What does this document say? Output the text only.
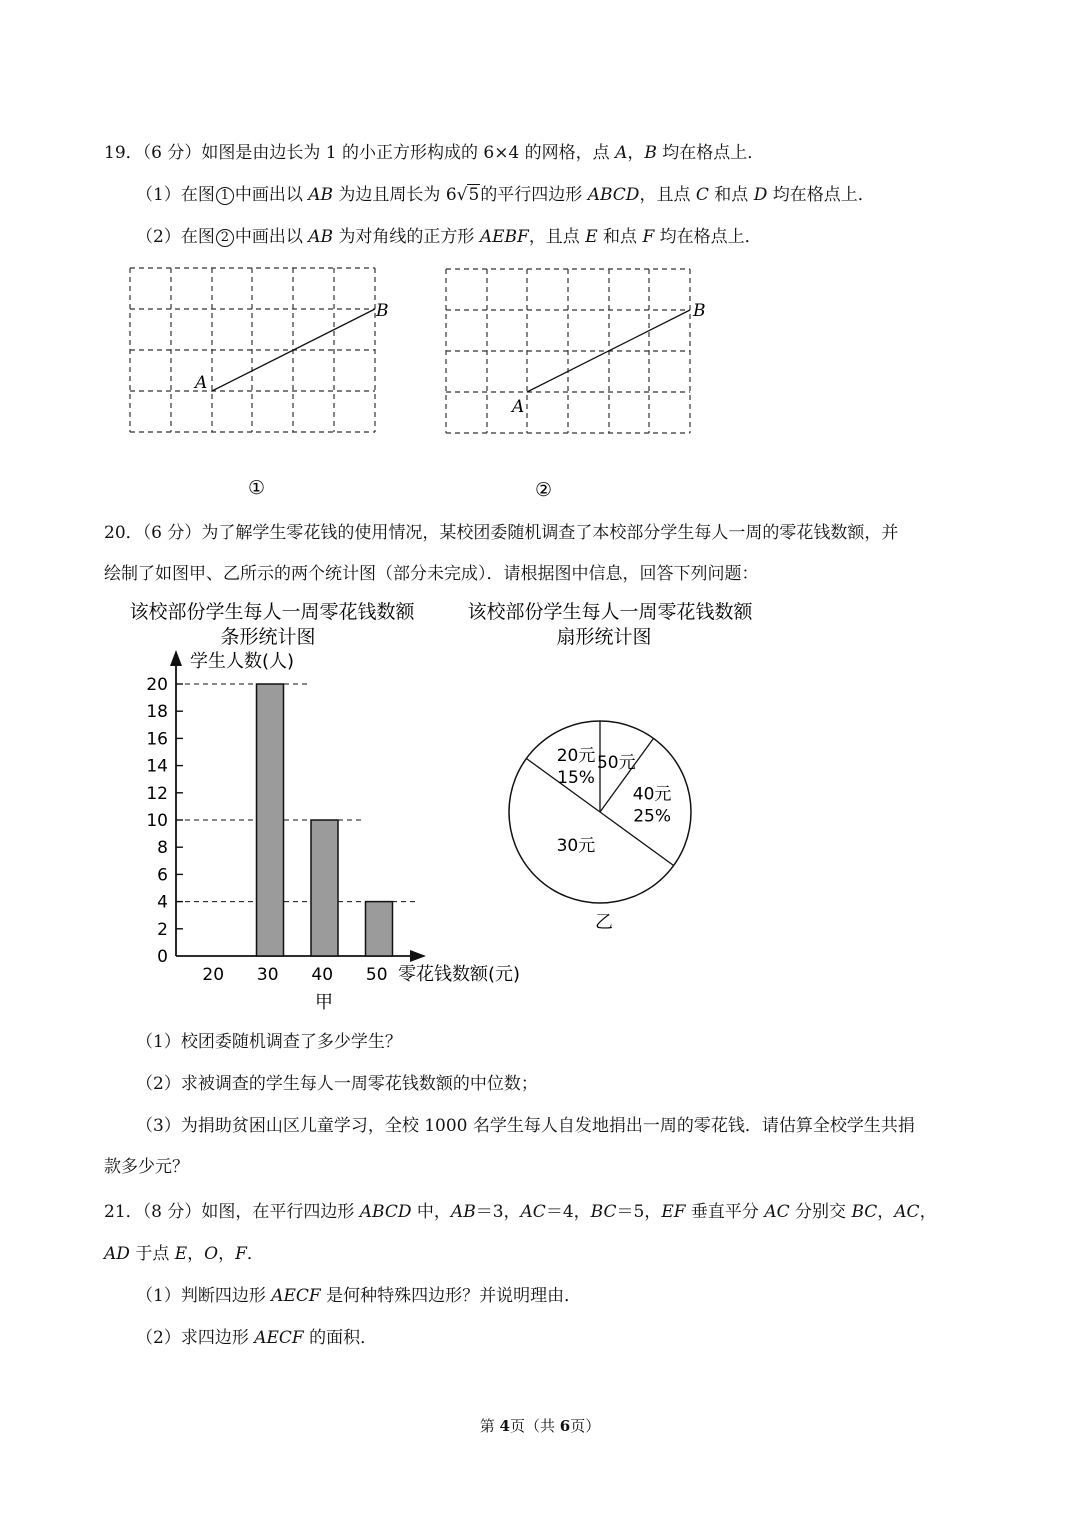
19．（6 分）如图是由边长为 1 的小正方形构成的 6×4 的网格，点 A，B 均在格点上．
（1）在图 1 中画出以 AB 为边且周长为 6√5的平行四边形 ABCD，且点 C 和点 D 均在格点上．
（2）在图 2 中画出以 AB 为对角线的正方形 AEBF，且点 E 和点 F 均在格点上．
A
B
①
A
B
②
20．（6 分）为了解学生零花钱的使用情况，某校团委随机调查了本校部分学生每人一周的零花钱数额，并
绘制了如图甲、乙所示的两个统计图（部分未完成）．请根据图中信息，回答下列问题：
该校部份学生每人一周零花钱数额
条形统计图
学生人数(人)
零花钱数额(元)
甲
0
2
4
6
8
10
12
14
16
18
20
20 30 40 50
该校部份学生每人一周零花钱数额
扇形统计图
乙
20元
15%
50元
40元
25%
30元
（1）校团委随机调查了多少学生？
（2）求被调查的学生每人一周零花钱数额的中位数；
（3）为捐助贫困山区儿童学习，全校 1000 名学生每人自发地捐出一周的零花钱．请估算全校学生共捐
款多少元？
21．（8 分）如图，在平行四边形 ABCD 中，AB＝3，AC＝4，BC＝5，EF 垂直平分 AC 分别交 BC，AC，
AD 于点 E，O，F．
（1）判断四边形 AECF 是何种特殊四边形？并说明理由．
（2）求四边形 AECF 的面积．
第 4页（共 6页）
